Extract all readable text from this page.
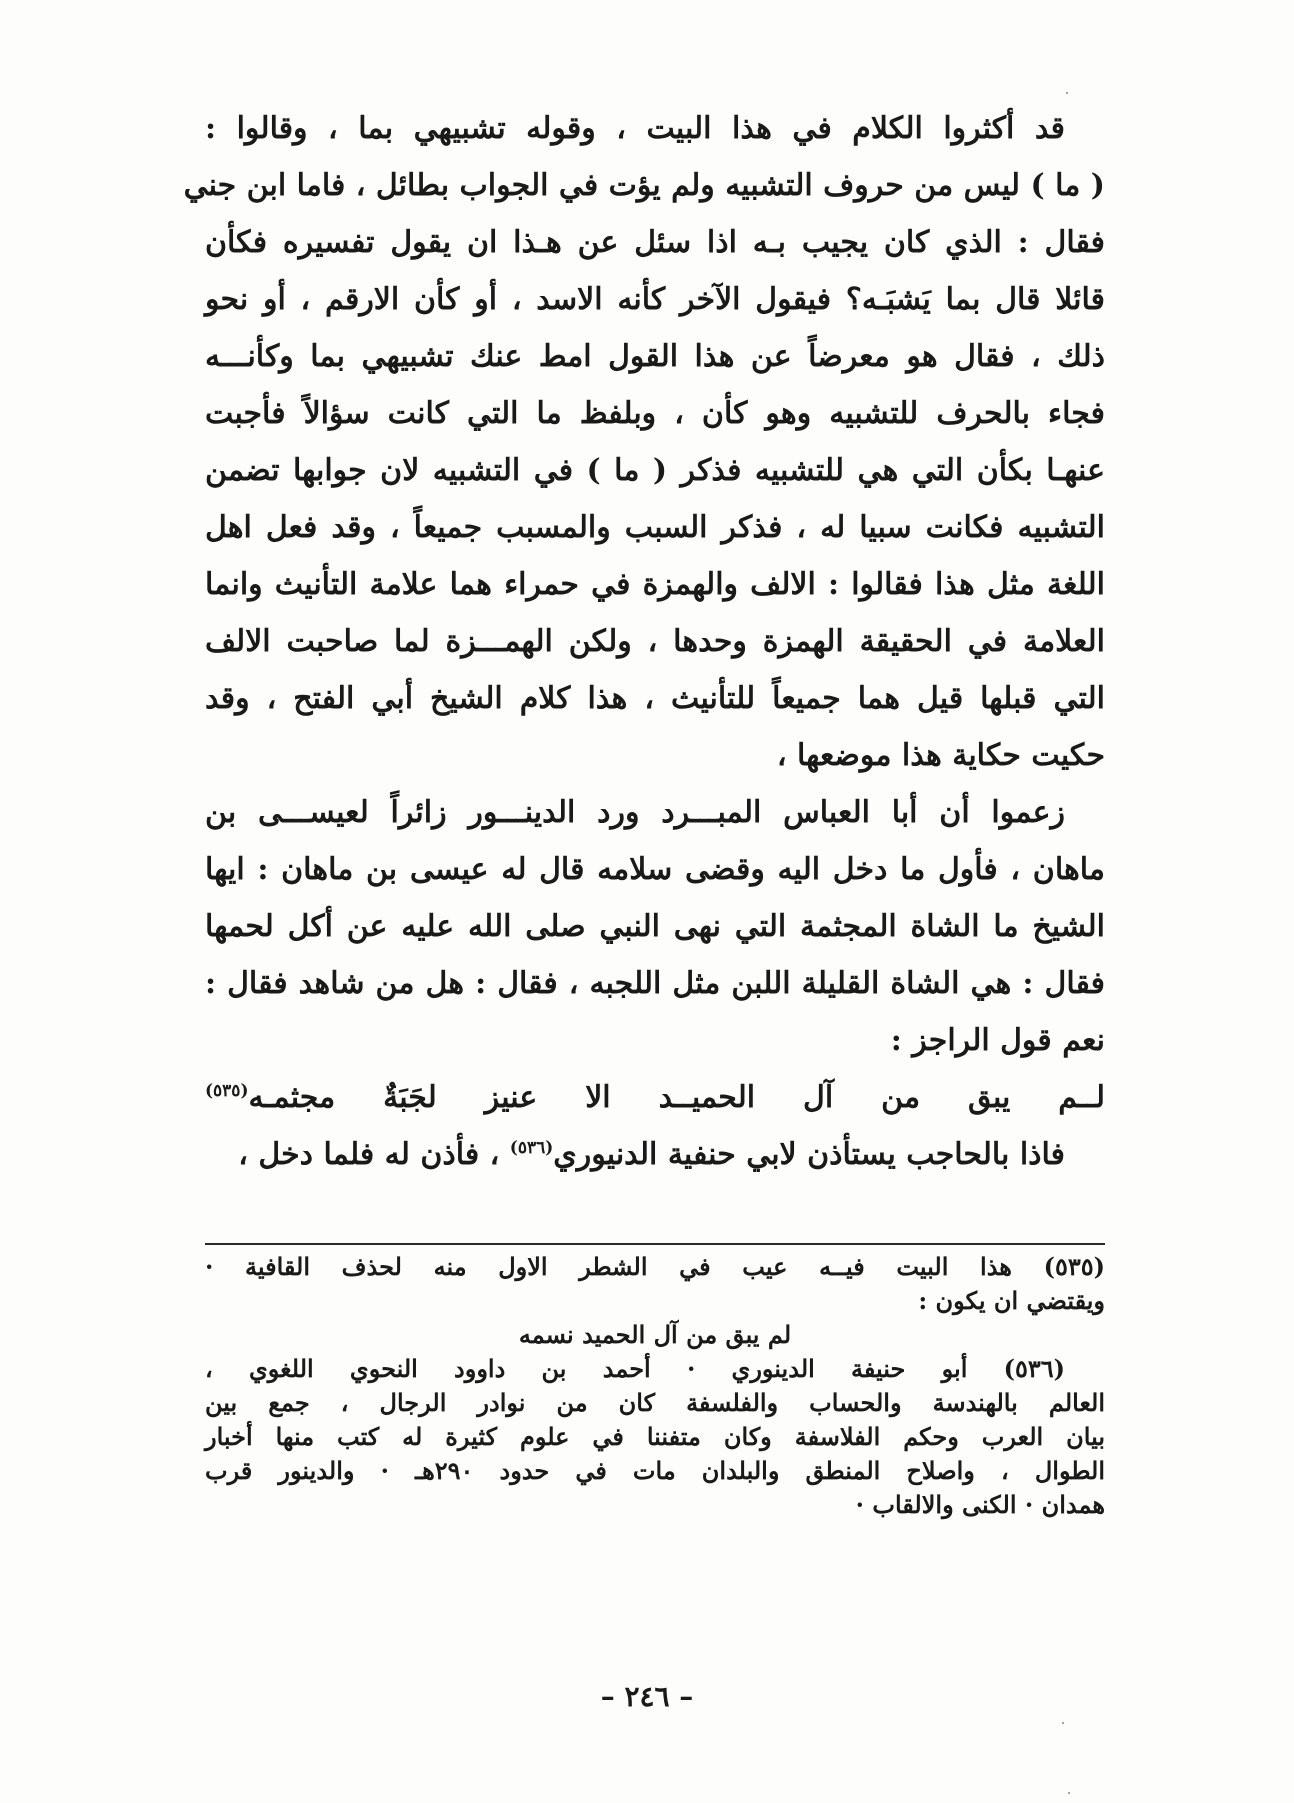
قد أكثروا الكلام في هذا البيت ، وقوله تشبيهي بما ، وقالوا :
( ما ) ليس من حروف التشبيه ولم يؤت في الجواب بطائل ، فاما ابن جني
فقال : الذي كان يجيب بـه اذا سئل عن هـذا ان يقول تفسيره فكأن
قائلا قال بما يَشبَـه؟ فيقول الآخر كأنه الاسد ، أو كأن الارقم ، أو نحو
ذلك ، فقال هو معرضاً عن هذا القول امط عنك تشبيهي بما وكأنـــه
فجاء بالحرف للتشبيه وهو كأن ، وبلفظ ما التي كانت سؤالاً فأجبت
عنهـا بكأن التي هي للتشبيه فذكر ( ما ) في التشبيه لان جوابها تضمن
التشبيه فكانت سبيا له ، فذكر السبب والمسبب جميعاً ، وقد فعل اهل
اللغة مثل هذا فقالوا : الالف والهمزة في حمراء هما علامة التأنيث وانما
العلامة في الحقيقة الهمزة وحدها ، ولكن الهمـــزة لما صاحبت الالف
التي قبلها قيل هما جميعاً للتأنيث ، هذا كلام الشيخ أبي الفتح ، وقد
حكيت حكاية هذا موضعها ،
زعموا أن أبا العباس المبـــرد ورد الدينـــور زائراً لعيســـى بن
ماهان ، فأول ما دخل اليه وقضى سلامه قال له عيسى بن ماهان : ايها
الشيخ ما الشاة المجثمة التي نهى النبي صلى الله عليه عن أكل لحمها
فقال : هي الشاة القليلة اللبن مثل اللجبه ، فقال : هل من شاهد فقال :
نعم قول الراجز :
لــم يبق من آل الحميــد الا عنيز لجَبَةٌ مجثمـه$^{(٥٣٥)}$
فاذا بالحاجب يستأذن لابي حنفية الدنيوري$^{(٥٣٦)}$ ، فأذن له فلما دخل ،
(٥٣٥) هذا البيت فيــه عيب في الشطر الاول منه لحذف القافية ·
ويقتضي ان يكون :
لم يبق من آل الحميد نسمه
(٥٣٦) أبو حنيفة الدينوري · أحمد بن داوود النحوي اللغوي ،
العالم بالهندسة والحساب والفلسفة كان من نوادر الرجال ، جمع بين
بيان العرب وحكم الفلاسفة وكان متفننا في علوم كثيرة له كتب منها أخبار
الطوال ، واصلاح المنطق والبلدان مات في حدود ٢٩٠هـ · والدينور قرب
همدان · الكنى والالقاب ·
– ٢٤٦ –
